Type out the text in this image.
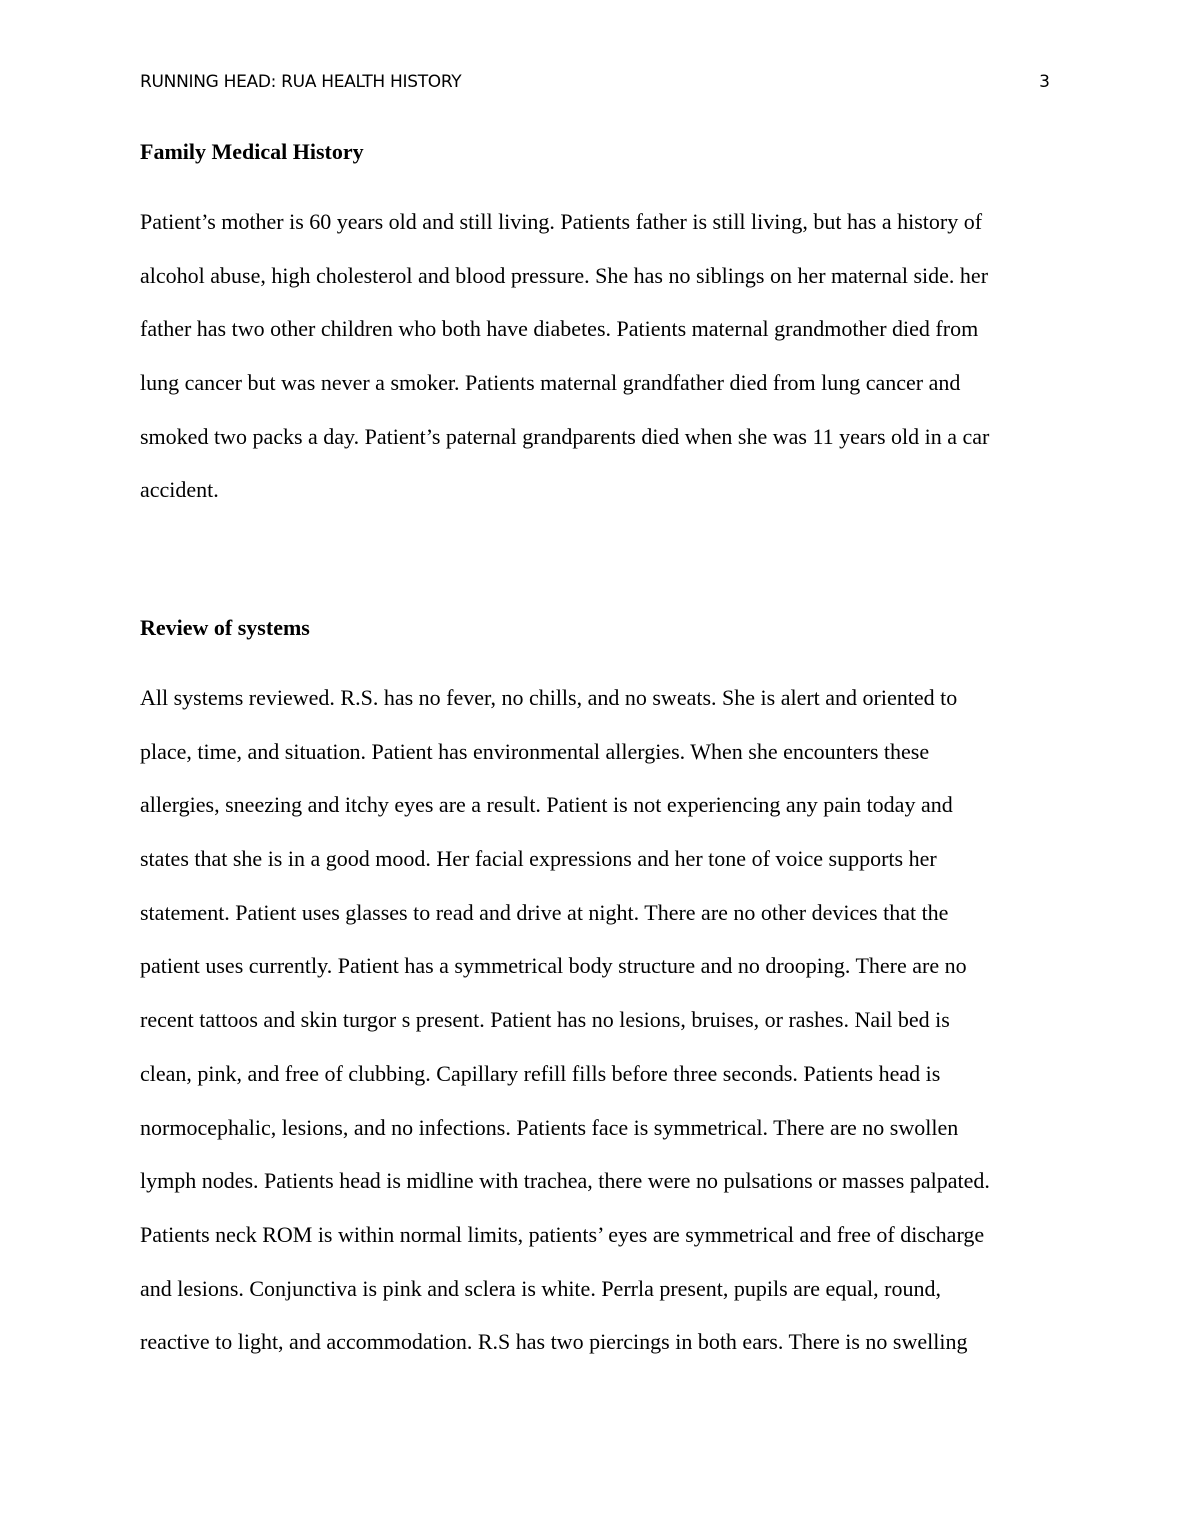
RUNNING HEAD: RUA HEALTH HISTORY	3
Family Medical History
Patient’s mother is 60 years old and still living. Patients father is still living, but has a history of
alcohol abuse, high cholesterol and blood pressure. She has no siblings on her maternal side. her
father has two other children who both have diabetes. Patients maternal grandmother died from
lung cancer but was never a smoker. Patients maternal grandfather died from lung cancer and
smoked two packs a day. Patient’s paternal grandparents died when she was 11 years old in a car
accident.
Review of systems
All systems reviewed. R.S. has no fever, no chills, and no sweats. She is alert and oriented to
place, time, and situation. Patient has environmental allergies. When she encounters these
allergies, sneezing and itchy eyes are a result. Patient is not experiencing any pain today and
states that she is in a good mood. Her facial expressions and her tone of voice supports her
statement. Patient uses glasses to read and drive at night. There are no other devices that the
patient uses currently. Patient has a symmetrical body structure and no drooping. There are no
recent tattoos and skin turgor s present. Patient has no lesions, bruises, or rashes. Nail bed is
clean, pink, and free of clubbing. Capillary refill fills before three seconds. Patients head is
normocephalic, lesions, and no infections. Patients face is symmetrical. There are no swollen
lymph nodes. Patients head is midline with trachea, there were no pulsations or masses palpated.
Patients neck ROM is within normal limits, patients’ eyes are symmetrical and free of discharge
and lesions. Conjunctiva is pink and sclera is white. Perrla present, pupils are equal, round,
reactive to light, and accommodation. R.S has two piercings in both ears. There is no swelling
